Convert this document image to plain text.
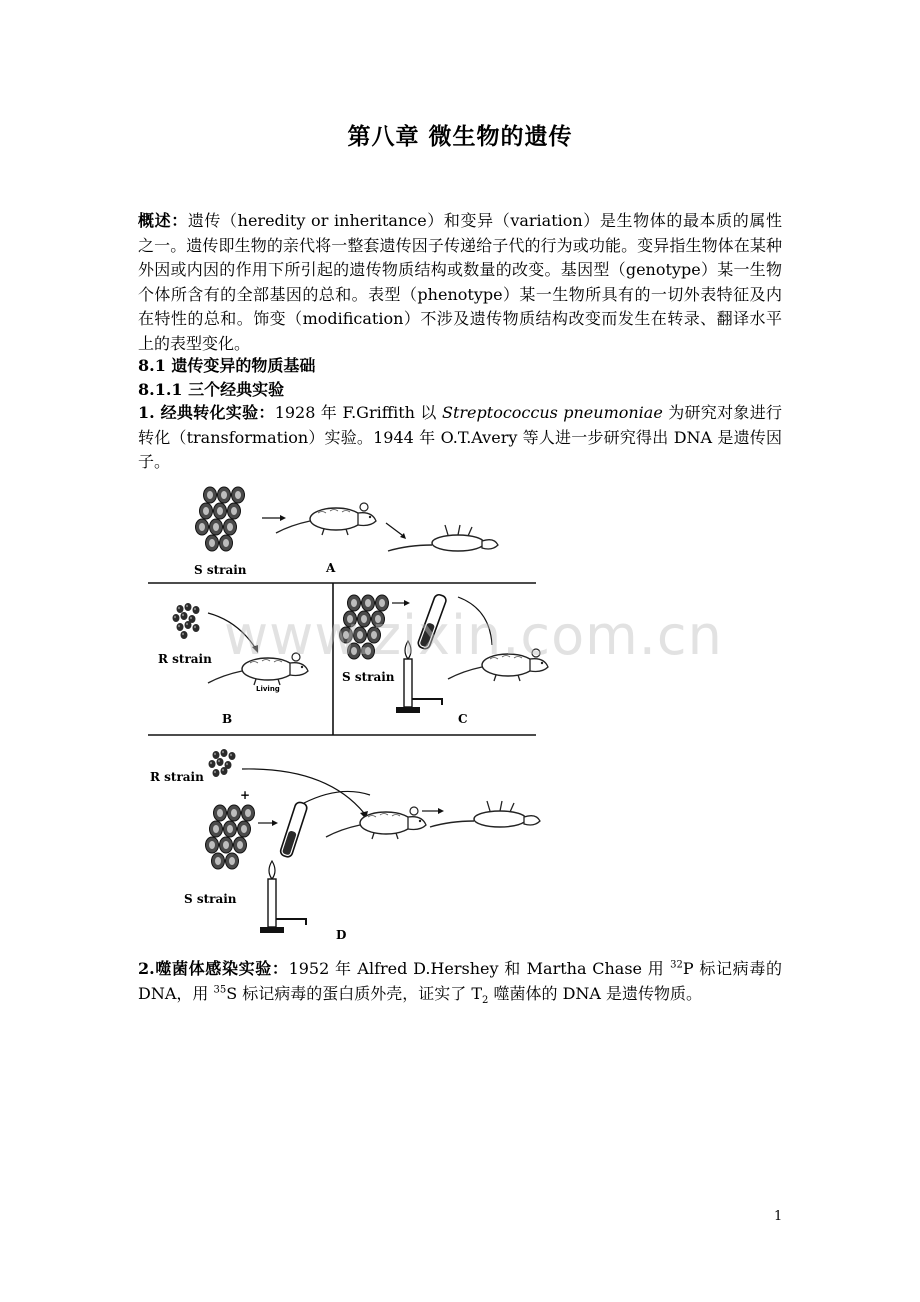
第八章 微生物的遗传
概述：遗传（heredity or inheritance）和变异（variation）是生物体的最本质的属性之一。遗传即生物的亲代将一整套遗传因子传递给子代的行为或功能。变异指生物体在某种外因或内因的作用下所引起的遗传物质结构或数量的改变。基因型（genotype）某一生物个体所含有的全部基因的总和。表型（phenotype）某一生物所具有的一切外表特征及内在特性的总和。饰变（modification）不涉及遗传物质结构改变而发生在转录、翻译水平上的表型变化。
8.1 遗传变异的物质基础
8.1.1 三个经典实验
1. 经典转化实验：1928 年 F.Griffith 以 Streptococcus pneumoniae 为研究对象进行转化（transformation）实验。1944 年 O.T.Avery 等人进一步研究得出 DNA 是遗传因子。
S strain	A
R strain
Living
B
S strain
C
R strain
+
S strain
D
www.zixin.com.cn
2.噬菌体感染实验：1952 年 Alfred D.Hershey 和 Martha Chase 用 $^{32}$P 标记病毒的 DNA，用 $^{35}$S 标记病毒的蛋白质外壳，证实了 $T_2$ 噬菌体的 DNA 是遗传物质。
1
